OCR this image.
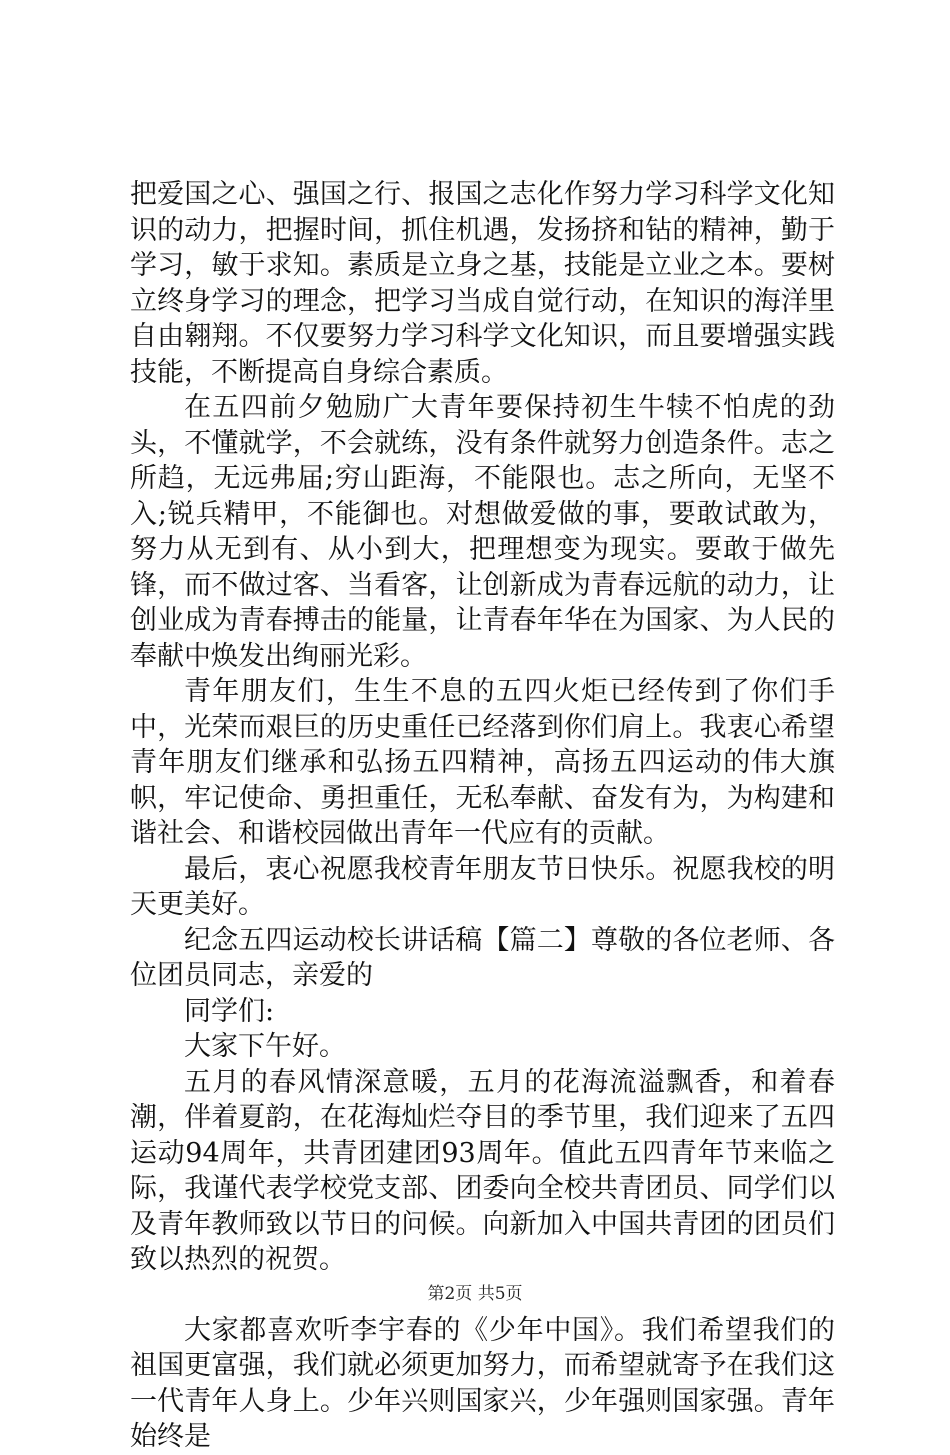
把爱国之心、强国之行、报国之志化作努力学习科学文化知识的动力，把握时间，抓住机遇，发扬挤和钻的精神，勤于学习，敏于求知。素质是立身之基，技能是立业之本。要树立终身学习的理念，把学习当成自觉行动，在知识的海洋里自由翱翔。不仅要努力学习科学文化知识，而且要增强实践技能，不断提高自身综合素质。

在五四前夕勉励广大青年要保持初生牛犊不怕虎的劲头，不懂就学，不会就练，没有条件就努力创造条件。志之所趋，无远弗届;穷山距海，不能限也。志之所向，无坚不入;锐兵精甲，不能御也。对想做爱做的事，要敢试敢为，努力从无到有、从小到大，把理想变为现实。要敢于做先锋，而不做过客、当看客，让创新成为青春远航的动力，让创业成为青春搏击的能量，让青春年华在为国家、为人民的奉献中焕发出绚丽光彩。

青年朋友们，生生不息的五四火炬已经传到了你们手中，光荣而艰巨的历史重任已经落到你们肩上。我衷心希望青年朋友们继承和弘扬五四精神，高扬五四运动的伟大旗帜，牢记使命、勇担重任，无私奉献、奋发有为，为构建和谐社会、和谐校园做出青年一代应有的贡献。

最后，衷心祝愿我校青年朋友节日快乐。祝愿我校的明天更美好。

纪念五四运动校长讲话稿【篇二】尊敬的各位老师、各位团员同志，亲爱的

同学们:

大家下午好。

五月的春风情深意暖，五月的花海流溢飘香，和着春潮，伴着夏韵，在花海灿烂夺目的季节里，我们迎来了五四运动94周年，共青团建团93周年。值此五四青年节来临之际，我谨代表学校党支部、团委向全校共青团员、同学们以及青年教师致以节日的问候。向新加入中国共青团的团员们致以热烈的祝贺。

大家都喜欢听李宇春的《少年中国》。我们希望我们的祖国更富强，我们就必须更加努力，而希望就寄予在我们这一代青年人身上。少年兴则国家兴，少年强则国家强。青年始终是

第2页 共5页
